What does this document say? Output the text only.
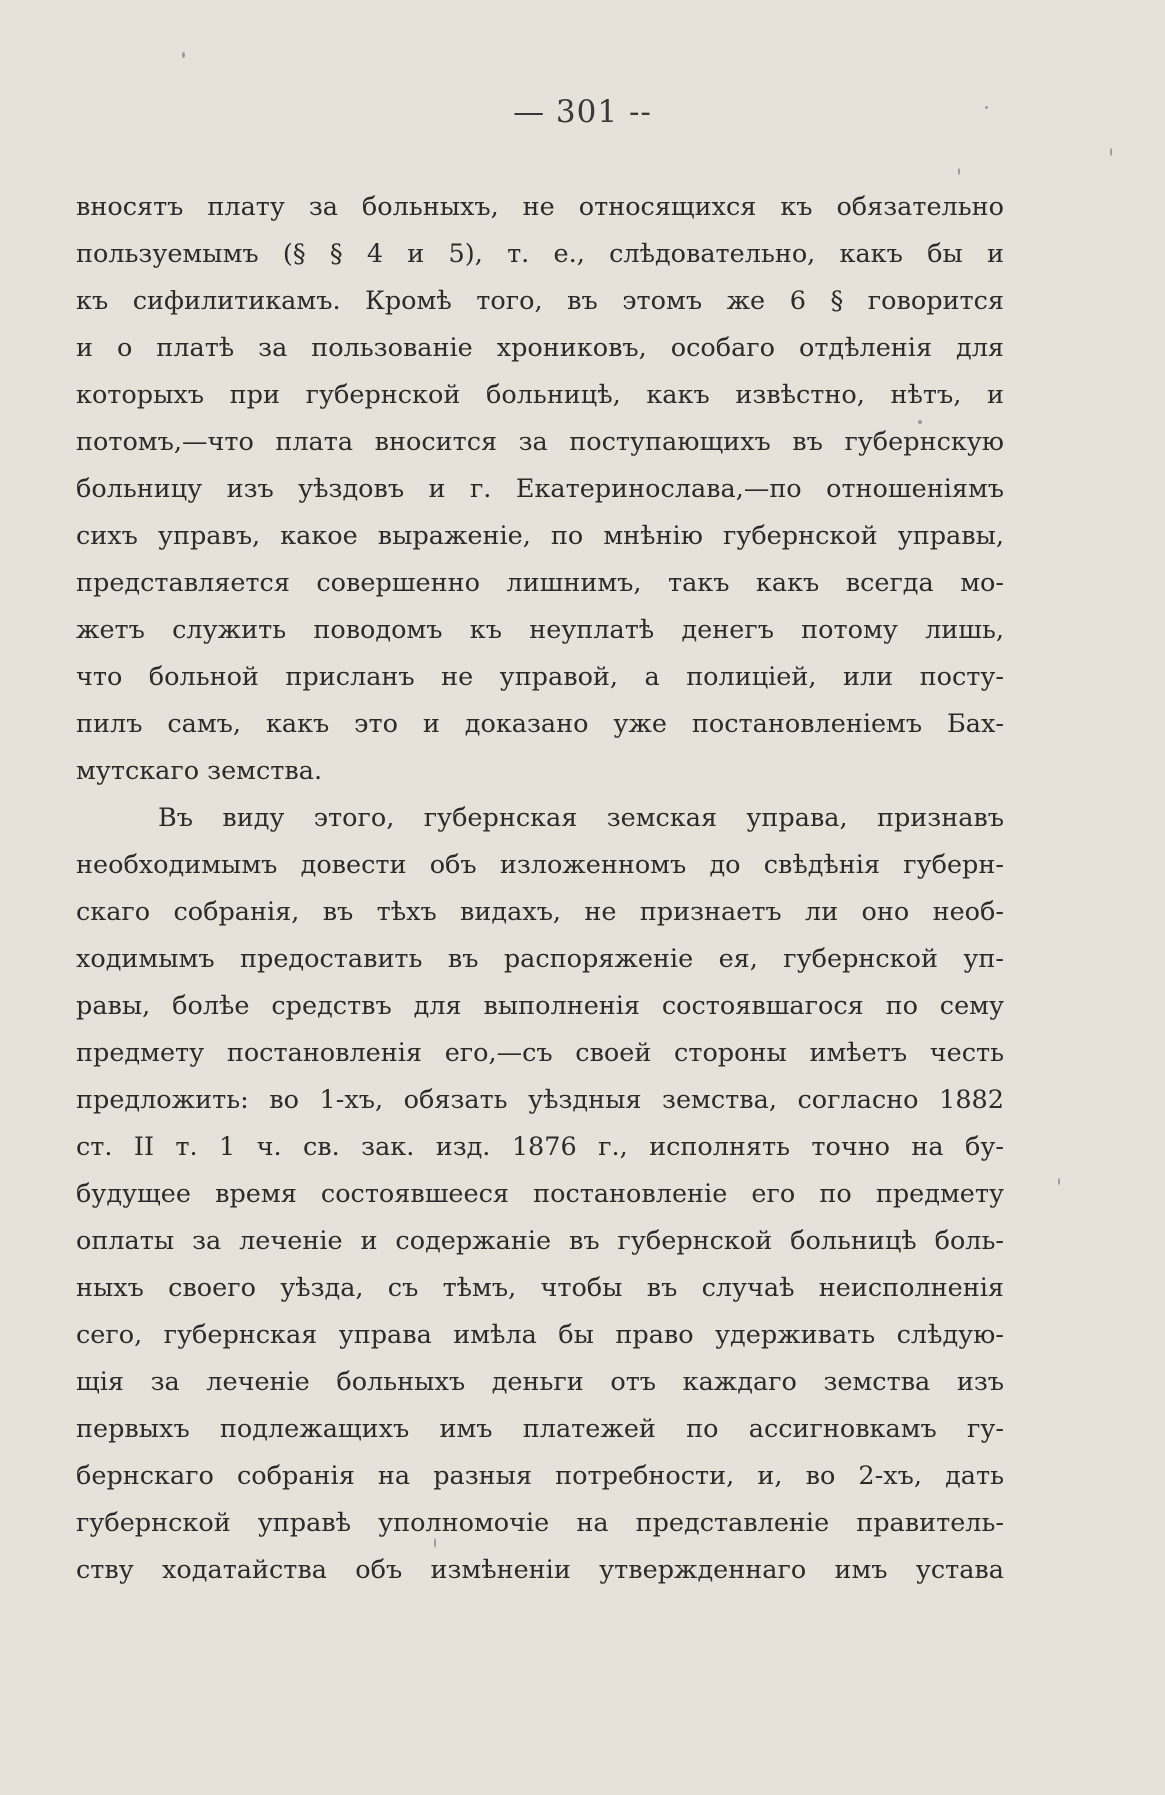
— 301 --
вносятъ плату за больныхъ, не относящихся къ обязательно
пользуемымъ (§ § 4 и 5), т. е., слѣдовательно, какъ бы и
къ сифилитикамъ. Кромѣ того, въ этомъ же 6 § говорится
и о платѣ за пользованіе хрониковъ, особаго отдѣленія для
которыхъ при губернской больницѣ, какъ извѣстно, нѣтъ, и
потомъ,—что плата вносится за поступающихъ въ губернскую
больницу изъ уѣздовъ и г. Екатеринослава,—по отношеніямъ
сихъ управъ, какое выраженіе, по мнѣнію губернской управы,
представляется совершенно лишнимъ, такъ какъ всегда мо-
жетъ служить поводомъ къ неуплатѣ денегъ потому лишь,
что больной присланъ не управой, а полиціей, или посту-
пилъ самъ, какъ это и доказано уже постановленіемъ Бах-
мутскаго земства.
Въ виду этого, губернская земская управа, признавъ
необходимымъ довести объ изложенномъ до свѣдѣнія губерн-
скаго собранія, въ тѣхъ видахъ, не признаетъ ли оно необ-
ходимымъ предоставить въ распоряженіе ея, губернской уп-
равы, болѣе средствъ для выполненія состоявшагося по сему
предмету постановленія его,—съ своей стороны имѣетъ честь
предложить: во 1-хъ, обязать уѣздныя земства, согласно 1882
ст. II т. 1 ч. св. зак. изд. 1876 г., исполнять точно на бу-
будущее время состоявшееся постановленіе его по предмету
оплаты за леченіе и содержаніе въ губернской больницѣ боль-
ныхъ своего уѣзда, съ тѣмъ, чтобы въ случаѣ неисполненія
сего, губернская управа имѣла бы право удерживать слѣдую-
щія за леченіе больныхъ деньги отъ каждаго земства изъ
первыхъ подлежащихъ имъ платежей по ассигновкамъ гу-
бернскаго собранія на разныя потребности, и, во 2-хъ, дать
губернской управѣ уполномочіе на представленіе правитель-
ству ходатайства объ измѣненіи утвержденнаго имъ устава
